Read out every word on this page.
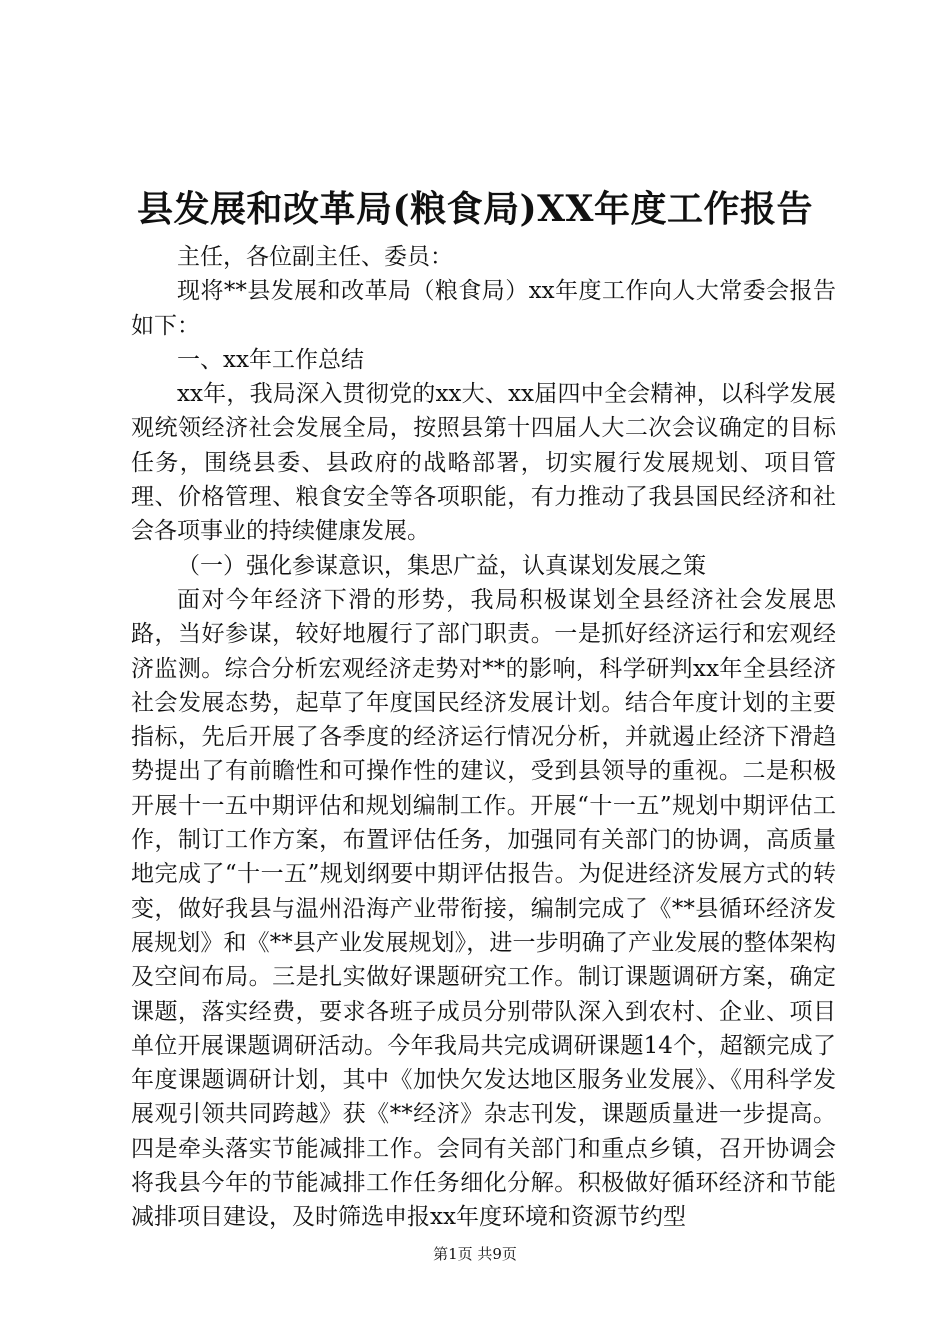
县发展和改革局(粮食局)XX年度工作报告

主任，各位副主任、委员：

现将**县发展和改革局（粮食局）xx年度工作向人大常委会报告如下：

一、xx年工作总结

xx年，我局深入贯彻党的xx大、xx届四中全会精神，以科学发展观统领经济社会发展全局，按照县第十四届人大二次会议确定的目标任务，围绕县委、县政府的战略部署，切实履行发展规划、项目管理、价格管理、粮食安全等各项职能，有力推动了我县国民经济和社会各项事业的持续健康发展。

（一）强化参谋意识，集思广益，认真谋划发展之策

面对今年经济下滑的形势，我局积极谋划全县经济社会发展思路，当好参谋，较好地履行了部门职责。一是抓好经济运行和宏观经济监测。综合分析宏观经济走势对**的影响，科学研判xx年全县经济社会发展态势，起草了年度国民经济发展计划。结合年度计划的主要指标，先后开展了各季度的经济运行情况分析，并就遏止经济下滑趋势提出了有前瞻性和可操作性的建议，受到县领导的重视。二是积极开展十一五中期评估和规划编制工作。开展“十一五”规划中期评估工作，制订工作方案，布置评估任务，加强同有关部门的协调，高质量地完成了“十一五”规划纲要中期评估报告。为促进经济发展方式的转变，做好我县与温州沿海产业带衔接，编制完成了《**县循环经济发展规划》和《**县产业发展规划》，进一步明确了产业发展的整体架构及空间布局。三是扎实做好课题研究工作。制订课题调研方案，确定课题，落实经费，要求各班子成员分别带队深入到农村、企业、项目单位开展课题调研活动。今年我局共完成调研课题14个，超额完成了年度课题调研计划，其中《加快欠发达地区服务业发展》、《用科学发展观引领共同跨越》获《**经济》杂志刊发，课题质量进一步提高。四是牵头落实节能减排工作。会同有关部门和重点乡镇，召开协调会将我县今年的节能减排工作任务细化分解。积极做好循环经济和节能减排项目建设，及时筛选申报xx年度环境和资源节约型

第1页 共9页
